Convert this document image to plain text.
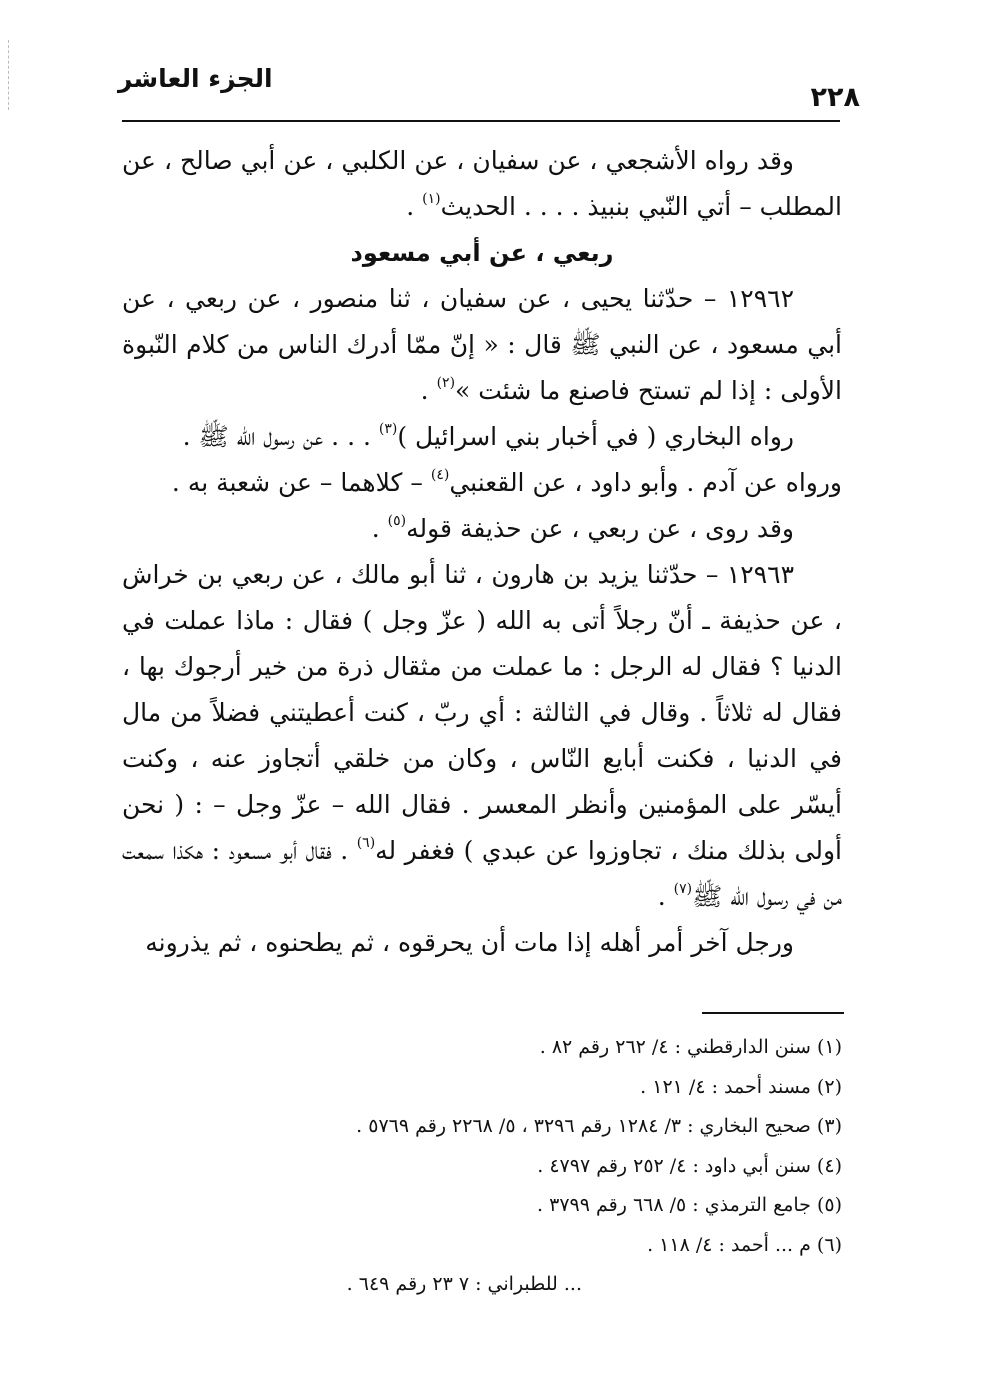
الجزء العاشر
٢٢٨

وقد رواه الأشجعي ، عن سفيان ، عن الكلبي ، عن أبي صالح ، عن المطلب – أتي النّبي بنبيذ . . . . الحديث$^{(١)}$ .

ربعي ، عن أبي مسعود

١٢٩٦٢ – حدّثنا يحيى ، عن سفيان ، ثنا منصور ، عن ربعي ، عن أبي مسعود ، عن النبي ﷺ قال : « إنّ ممّا أدرك الناس من كلام النّبوة الأولى : إذا لم تستح فاصنع ما شئت »$^{(٢)}$ .

رواه البخاري ( في أخبار بني اسرائيل )$^{(٣)}$ . . . عن رسول الله ﷺ .

ورواه عن آدم . وأبو داود ، عن القعنبي$^{(٤)}$ – كلاهما – عن شعبة به .

وقد روى ، عن ربعي ، عن حذيفة قوله$^{(٥)}$ .

١٢٩٦٣ – حدّثنا يزيد بن هارون ، ثنا أبو مالك ، عن ربعي بن خراش ، عن حذيفة ـ أنّ رجلاً أتى به الله ( عزّ وجل ) فقال : ماذا عملت في الدنيا ؟ فقال له الرجل : ما عملت من مثقال ذرة من خير أرجوك بها ، فقال له ثلاثاً . وقال في الثالثة : أي ربّ ، كنت أعطيتني فضلاً من مال في الدنيا ، فكنت أبايع النّاس ، وكان من خلقي أتجاوز عنه ، وكنت أيسّر على المؤمنين وأنظر المعسر . فقال الله – عزّ وجل – : ( نحن أولى بذلك منك ، تجاوزوا عن عبدي ) فغفر له$^{(٦)}$ . فقال أبو مسعود : هكذا سمعت من في رسول الله ﷺ$^{(٧)}$ .

ورجل آخر أمر أهله إذا مات أن يحرقوه ، ثم يطحنوه ، ثم يذرونه

(١) سنن الدارقطني : ٤/ ٢٦٢ رقم ٨٢ .
(٢) مسند أحمد : ٤/ ١٢١ .
(٣) صحيح البخاري : ٣/ ١٢٨٤ رقم ٣٢٩٦ ، ٥/ ٢٢٦٨ رقم ٥٧٦٩ .
(٤) سنن أبي داود : ٤/ ٢٥٢ رقم ٤٧٩٧ .
(٥) جامع الترمذي : ٥/ ٦٦٨ رقم ٣٧٩٩ .
(٦) م ... أحمد : ٤/ ١١٨ .
... للطبراني : ٧ ٢٣ رقم ٦٤٩ .
